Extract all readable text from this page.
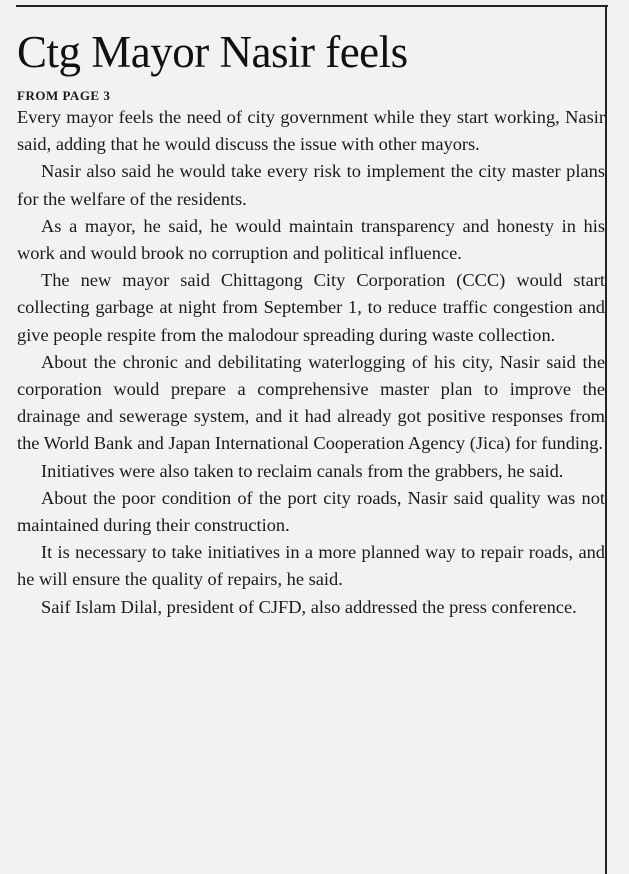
Ctg Mayor Nasir feels
FROM PAGE 3

Every mayor feels the need of city government while they start working, Nasir said, adding that he would discuss the issue with other mayors.

Nasir also said he would take every risk to implement the city master plans for the welfare of the residents.

As a mayor, he said, he would maintain transparency and honesty in his work and would brook no corruption and political influence.

The new mayor said Chittagong City Corporation (CCC) would start collecting garbage at night from September 1, to reduce traffic congestion and give people respite from the malodour spreading during waste collection.

About the chronic and debilitating waterlogging of his city, Nasir said the corporation would prepare a comprehensive master plan to improve the drainage and sewerage system, and it had already got positive responses from the World Bank and Japan International Cooperation Agency (Jica) for funding.

Initiatives were also taken to reclaim canals from the grabbers, he said.

About the poor condition of the port city roads, Nasir said quality was not maintained during their construction.

It is necessary to take initiatives in a more planned way to repair roads, and he will ensure the quality of repairs, he said.

Saif Islam Dilal, president of CJFD, also addressed the press conference.
